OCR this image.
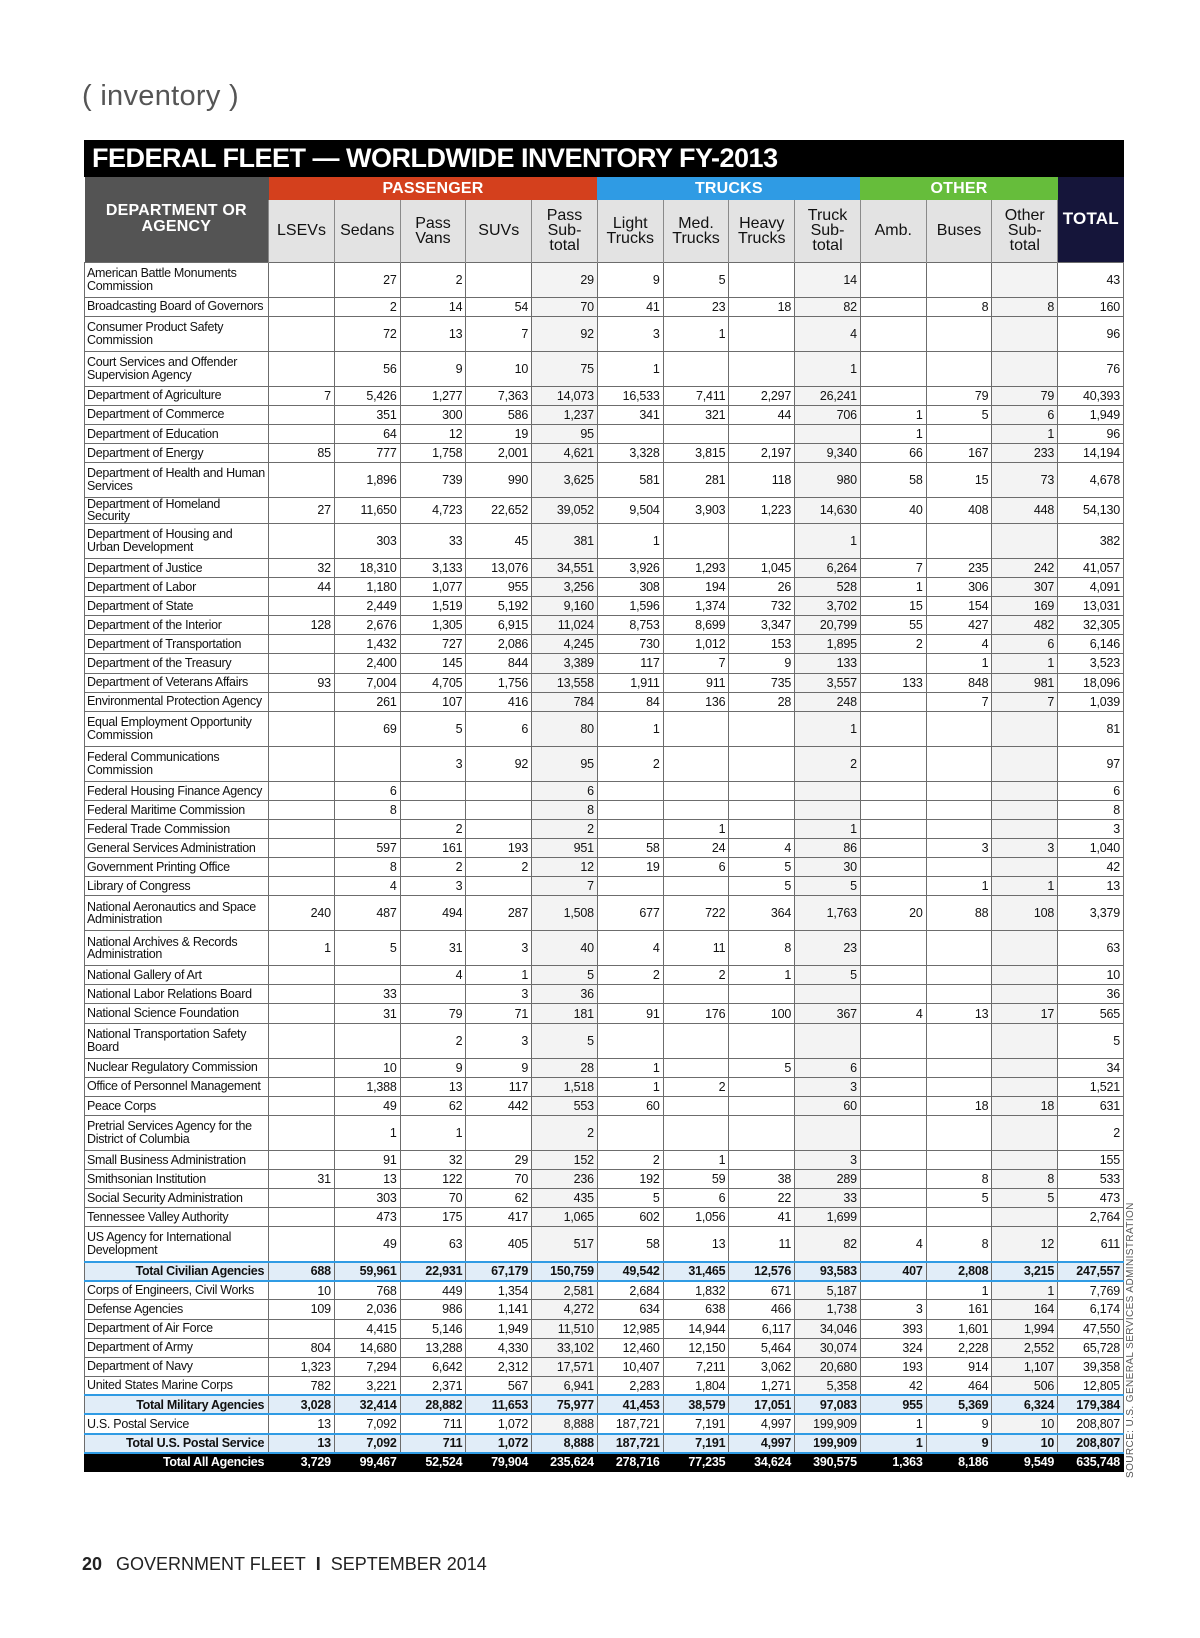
( inventory )
FEDERAL FLEET — WORLDWIDE INVENTORY FY-2013
DEPARTMENT OR AGENCY	PASSENGER					TRUCKS				OTHER			TOTAL
	LSEVs	Sedans	Pass Vans	SUVs	Pass Sub-total	Light Trucks	Med. Trucks	Heavy Trucks	Truck Sub-total	Amb.	Buses	Other Sub-total	
American Battle Monuments Commission		27	2		29	9	5		14				43
Broadcasting Board of Governors		2	14	54	70	41	23	18	82		8	8	160
Consumer Product Safety Commission		72	13	7	92	3	1		4				96
Court Services and Offender Supervision Agency		56	9	10	75	1			1				76
Department of Agriculture	7	5,426	1,277	7,363	14,073	16,533	7,411	2,297	26,241		79	79	40,393
Department of Commerce		351	300	586	1,237	341	321	44	706	1	5	6	1,949
Department of Education		64	12	19	95					1		1	96
Department of Energy	85	777	1,758	2,001	4,621	3,328	3,815	2,197	9,340	66	167	233	14,194
Department of Health and Human Services		1,896	739	990	3,625	581	281	118	980	58	15	73	4,678
Department of Homeland Security	27	11,650	4,723	22,652	39,052	9,504	3,903	1,223	14,630	40	408	448	54,130
Department of Housing and Urban Development		303	33	45	381	1			1				382
Department of Justice	32	18,310	3,133	13,076	34,551	3,926	1,293	1,045	6,264	7	235	242	41,057
Department of Labor	44	1,180	1,077	955	3,256	308	194	26	528	1	306	307	4,091
Department of State		2,449	1,519	5,192	9,160	1,596	1,374	732	3,702	15	154	169	13,031
Department of the Interior	128	2,676	1,305	6,915	11,024	8,753	8,699	3,347	20,799	55	427	482	32,305
Department of Transportation		1,432	727	2,086	4,245	730	1,012	153	1,895	2	4	6	6,146
Department of the Treasury		2,400	145	844	3,389	117	7	9	133		1	1	3,523
Department of Veterans Affairs	93	7,004	4,705	1,756	13,558	1,911	911	735	3,557	133	848	981	18,096
Environmental Protection Agency		261	107	416	784	84	136	28	248		7	7	1,039
Equal Employment Opportunity Commission		69	5	6	80	1			1				81
Federal Communications Commission			3	92	95	2			2				97
Federal Housing Finance Agency		6			6								6
Federal Maritime Commission		8			8								8
Federal Trade Commission			2		2		1		1				3
General Services Administration		597	161	193	951	58	24	4	86		3	3	1,040
Government Printing Office		8	2	2	12	19	6	5	30				42
Library of Congress		4	3		7			5	5		1	1	13
National Aeronautics and Space Administration	240	487	494	287	1,508	677	722	364	1,763	20	88	108	3,379
National Archives & Records Administration	1	5	31	3	40	4	11	8	23				63
National Gallery of Art			4	1	5	2	2	1	5				10
National Labor Relations Board		33		3	36								36
National Science Foundation		31	79	71	181	91	176	100	367	4	13	17	565
National Transportation Safety Board			2	3	5								5
Nuclear Regulatory Commission		10	9	9	28	1		5	6				34
Office of Personnel Management		1,388	13	117	1,518	1	2		3				1,521
Peace Corps		49	62	442	553	60			60		18	18	631
Pretrial Services Agency for the District of Columbia		1	1		2								2
Small Business Administration		91	32	29	152	2	1		3				155
Smithsonian Institution	31	13	122	70	236	192	59	38	289		8	8	533
Social Security Administration		303	70	62	435	5	6	22	33		5	5	473
Tennessee Valley Authority		473	175	417	1,065	602	1,056	41	1,699				2,764
US Agency for International Development		49	63	405	517	58	13	11	82	4	8	12	611
Total Civilian Agencies	688	59,961	22,931	67,179	150,759	49,542	31,465	12,576	93,583	407	2,808	3,215	247,557
Corps of Engineers, Civil Works	10	768	449	1,354	2,581	2,684	1,832	671	5,187		1	1	7,769
Defense Agencies	109	2,036	986	1,141	4,272	634	638	466	1,738	3	161	164	6,174
Department of Air Force		4,415	5,146	1,949	11,510	12,985	14,944	6,117	34,046	393	1,601	1,994	47,550
Department of Army	804	14,680	13,288	4,330	33,102	12,460	12,150	5,464	30,074	324	2,228	2,552	65,728
Department of Navy	1,323	7,294	6,642	2,312	17,571	10,407	7,211	3,062	20,680	193	914	1,107	39,358
United States Marine Corps	782	3,221	2,371	567	6,941	2,283	1,804	1,271	5,358	42	464	506	12,805
Total Military Agencies	3,028	32,414	28,882	11,653	75,977	41,453	38,579	17,051	97,083	955	5,369	6,324	179,384
U.S. Postal Service	13	7,092	711	1,072	8,888	187,721	7,191	4,997	199,909	1	9	10	208,807
Total U.S. Postal Service	13	7,092	711	1,072	8,888	187,721	7,191	4,997	199,909	1	9	10	208,807
Total All Agencies	3,729	99,467	52,524	79,904	235,624	278,716	77,235	34,624	390,575	1,363	8,186	9,549	635,748 SOURCE: U.S. GENERAL SERVICES ADMINISTRATION
20 GOVERNMENT FLEET I SEPTEMBER 2014
